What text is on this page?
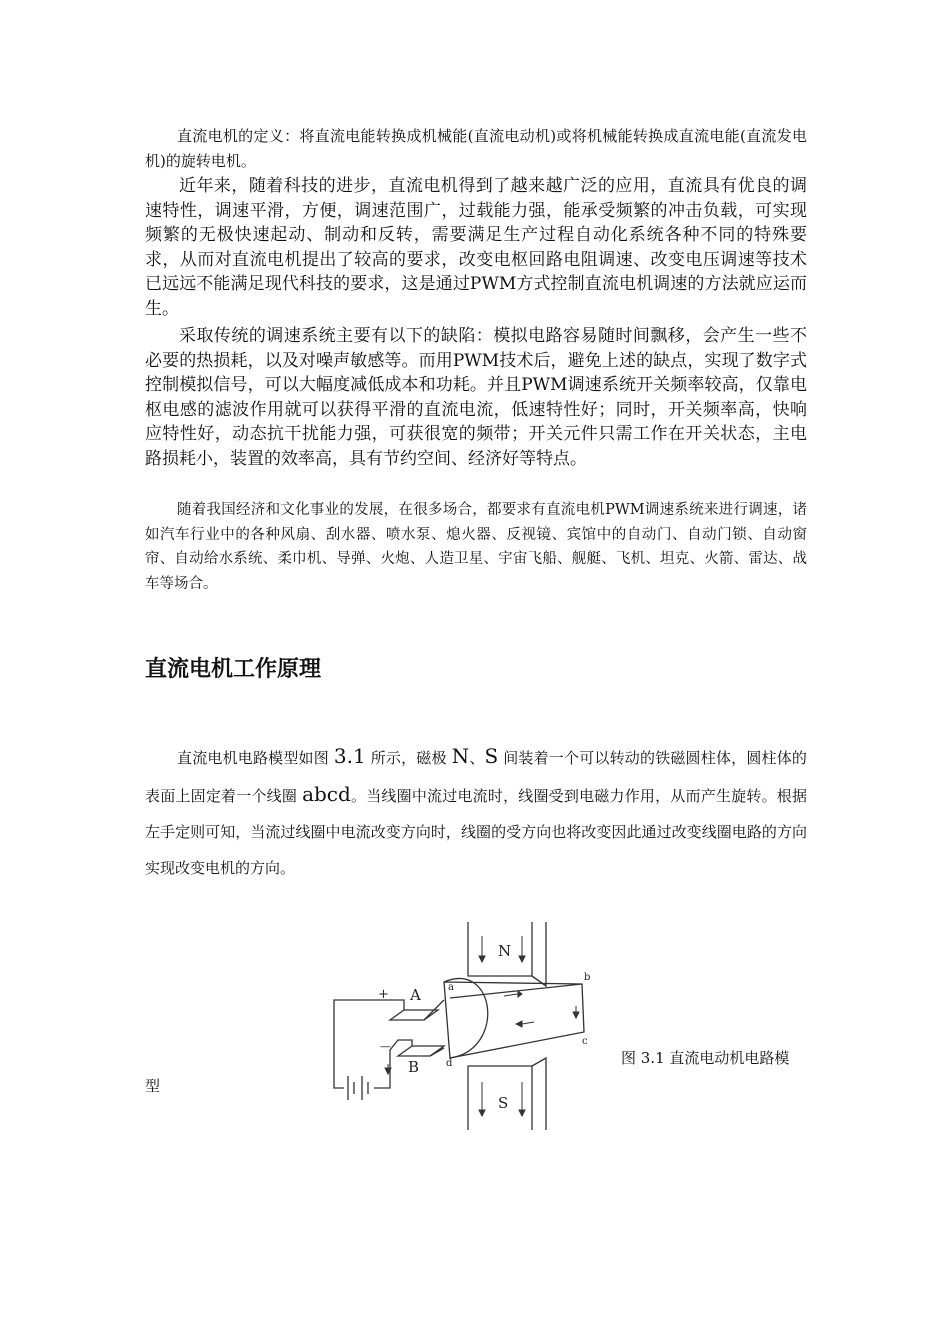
直流电机的定义：将直流电能转换成机械能(直流电动机)或将机械能转换成直流电能(直流发电机)的旋转电机。

近年来，随着科技的进步，直流电机得到了越来越广泛的应用，直流具有优良的调速特性，调速平滑，方便，调速范围广，过载能力强，能承受频繁的冲击负载，可实现频繁的无极快速起动、制动和反转，需要满足生产过程自动化系统各种不同的特殊要求，从而对直流电机提出了较高的要求，改变电枢回路电阻调速、改变电压调速等技术已远远不能满足现代科技的要求，这是通过PWM方式控制直流电机调速的方法就应运而生。

采取传统的调速系统主要有以下的缺陷：模拟电路容易随时间飘移，会产生一些不必要的热损耗，以及对噪声敏感等。而用PWM技术后，避免上述的缺点，实现了数字式控制模拟信号，可以大幅度减低成本和功耗。并且PWM调速系统开关频率较高，仅靠电枢电感的滤波作用就可以获得平滑的直流电流，低速特性好；同时，开关频率高，快响应特性好，动态抗干扰能力强，可获很宽的频带；开关元件只需工作在开关状态，主电路损耗小，装置的效率高，具有节约空间、经济好等特点。

随着我国经济和文化事业的发展，在很多场合，都要求有直流电机PWM调速系统来进行调速，诸如汽车行业中的各种风扇、刮水器、喷水泵、熄火器、反视镜、宾馆中的自动门、自动门锁、自动窗帘、自动给水系统、柔巾机、导弹、火炮、人造卫星、宇宙飞船、舰艇、飞机、坦克、火箭、雷达、战车等场合。

直流电机工作原理

直流电机电路模型如图 3.1 所示，磁极 N、S 间装着一个可以转动的铁磁圆柱体，圆柱体的表面上固定着一个线圈 abcd。当线圈中流过电流时，线圈受到电磁力作用，从而产生旋转。根据左手定则可知，当流过线圈中电流改变方向时，线圈的受方向也将改变因此通过改变线圈电路的方向实现改变电机的方向。

N
S
A
B
+
—
a
b
c
d	图 3.1 直流电动机电路模

型
